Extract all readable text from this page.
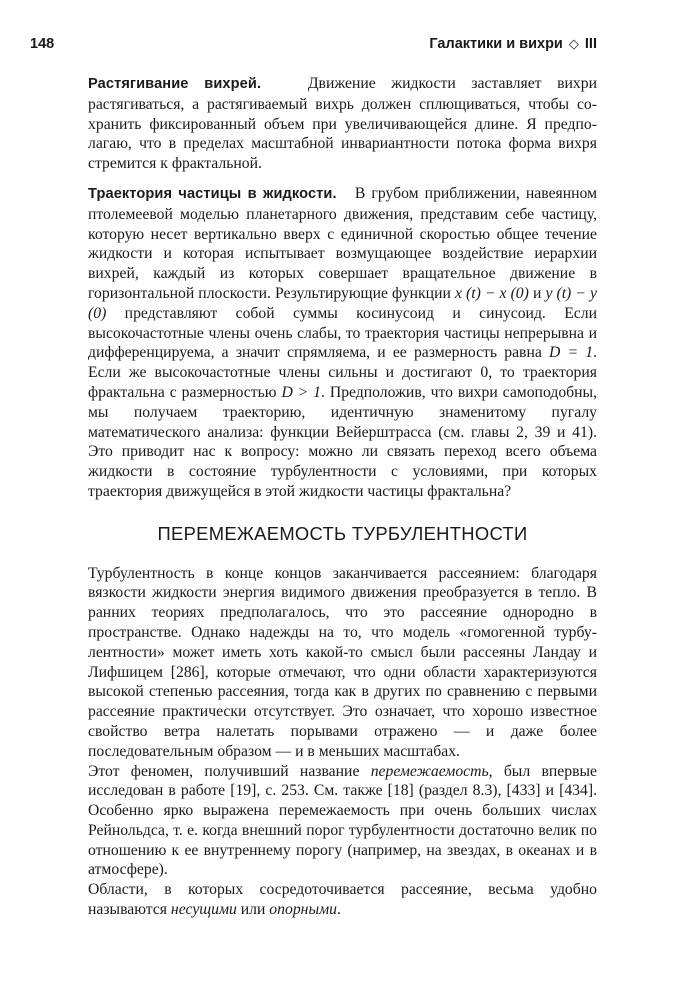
148	Галактики и вихри ◇ III

Растягивание вихрей.	Движение жидкости заставляет вихри растягиваться, а растягиваемый вихрь должен сплющиваться, чтобы сохранить фиксированный объем при увеличивающейся длине. Я предполагаю, что в пределах масштабной инвариантности потока форма вихря стремится к фрактальной.

Траектория частицы в жидкости. В грубом приближении, навеянном птолемеевой моделью планетарного движения, представим себе частицу, которую несет вертикально вверх с единичной скоростью общее течение жидкости и которая испытывает возмущающее воздействие иерархии вихрей, каждый из которых совершает вращательное движение в горизонтальной плоскости. Результирующие функции x (t) − x (0) и y (t) − y (0) представляют собой суммы косинусоид и синусоид. Если высокочастотные члены очень слабы, то траектория частицы непрерывна и дифференцируема, а значит спрямляема, и ее размерность равна D = 1. Если же высокочастотные члены сильны и достигают 0, то траектория фрактальна с размерностью D > 1. Предположив, что вихри самоподобны, мы получаем траекторию, идентичную знаменитому пугалу математического анализа: функции Вейерштрасса (см. главы 2, 39 и 41). Это приводит нас к вопросу: можно ли связать переход всего объема жидкости в состояние турбулентности с условиями, при которых траектория движущейся в этой жидкости частицы фрактальна?

ПЕРЕМЕЖАЕМОСТЬ ТУРБУЛЕНТНОСТИ

Турбулентность в конце концов заканчивается рассеянием: благодаря вязкости жидкости энергия видимого движения преобразуется в тепло. В ранних теориях предполагалось, что это рассеяние однородно в пространстве. Однако надежды на то, что модель «гомогенной турбулентности» может иметь хоть какой-то смысл были рассеяны Ландау и Лифшицем [286], которые отмечают, что одни области характеризуются высокой степенью рассеяния, тогда как в других по сравнению с первыми рассеяние практически отсутствует. Это означает, что хорошо известное свойство ветра налетать порывами отражено — и даже более последовательным образом — и в меньших масштабах.

Этот феномен, получивший название перемежаемость, был впервые исследован в работе [19], с. 253. См. также [18] (раздел 8.3), [433] и [434]. Особенно ярко выражена перемежаемость при очень больших числах Рейнольдса, т. е. когда внешний порог турбулентности достаточно велик по отношению к ее внутреннему порогу (например, на звездах, в океанах и в атмосфере).

Области, в которых сосредоточивается рассеяние, весьма удобно называются несущими или опорными.
